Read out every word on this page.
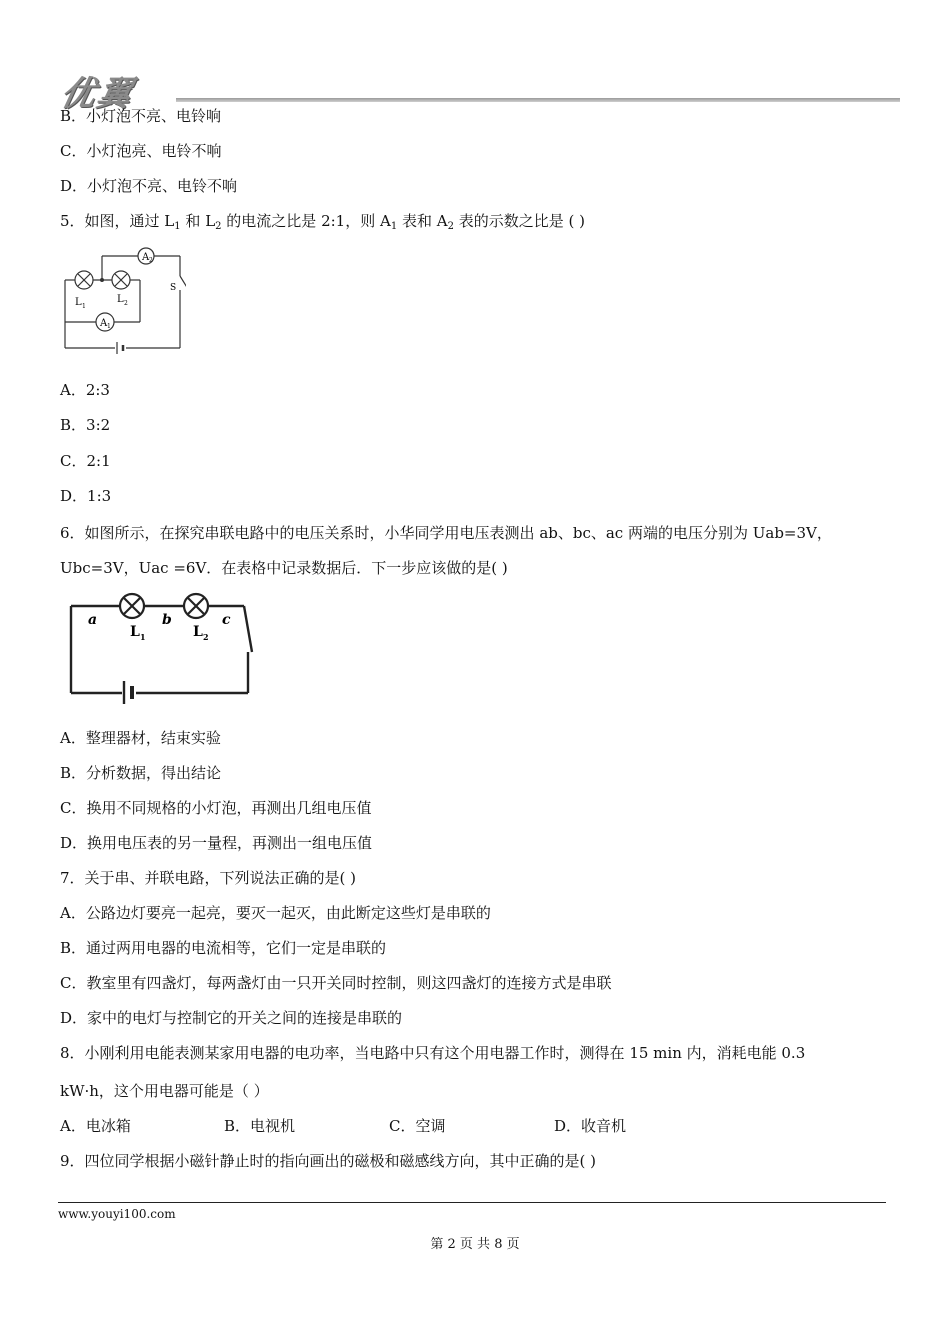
优翼
B．小灯泡不亮、电铃响
C．小灯泡亮、电铃不响
D．小灯泡不亮、电铃不响
5．如图，通过 $L_1$ 和 $L_2$ 的电流之比是 2:1，则 $A_1$ 表和 $A_2$ 表的示数之比是 ( )
A 2
A 1
L 1
L 2
S
A．2:3
B．3:2
C．2:1
D．1:3
6．如图所示，在探究串联电路中的电压关系时，小华同学用电压表测出 ab、bc、ac 两端的电压分别为 Uab=3V，
Ubc=3V，Uac =6V．在表格中记录数据后．下一步应该做的是( )
a	b	c
L 1	L 2
A．整理器材，结束实验
B．分析数据，得出结论
C．换用不同规格的小灯泡，再测出几组电压值
D．换用电压表的另一量程，再测出一组电压值
7．关于串、并联电路，下列说法正确的是( )
A．公路边灯要亮一起亮，要灭一起灭，由此断定这些灯是串联的
B．通过两用电器的电流相等，它们一定是串联的
C．教室里有四盏灯，每两盏灯由一只开关同时控制，则这四盏灯的连接方式是串联
D．家中的电灯与控制它的开关之间的连接是串联的
8．小刚利用电能表测某家用电器的电功率，当电路中只有这个用电器工作时，测得在 15 min 内，消耗电能 0.3
kW·h，这个用电器可能是（ ）
A．电冰箱	B．电视机	C．空调	D．收音机
9．四位同学根据小磁针静止时的指向画出的磁极和磁感线方向，其中正确的是( )
www.youyi100.com
第 2 页 共 8 页
